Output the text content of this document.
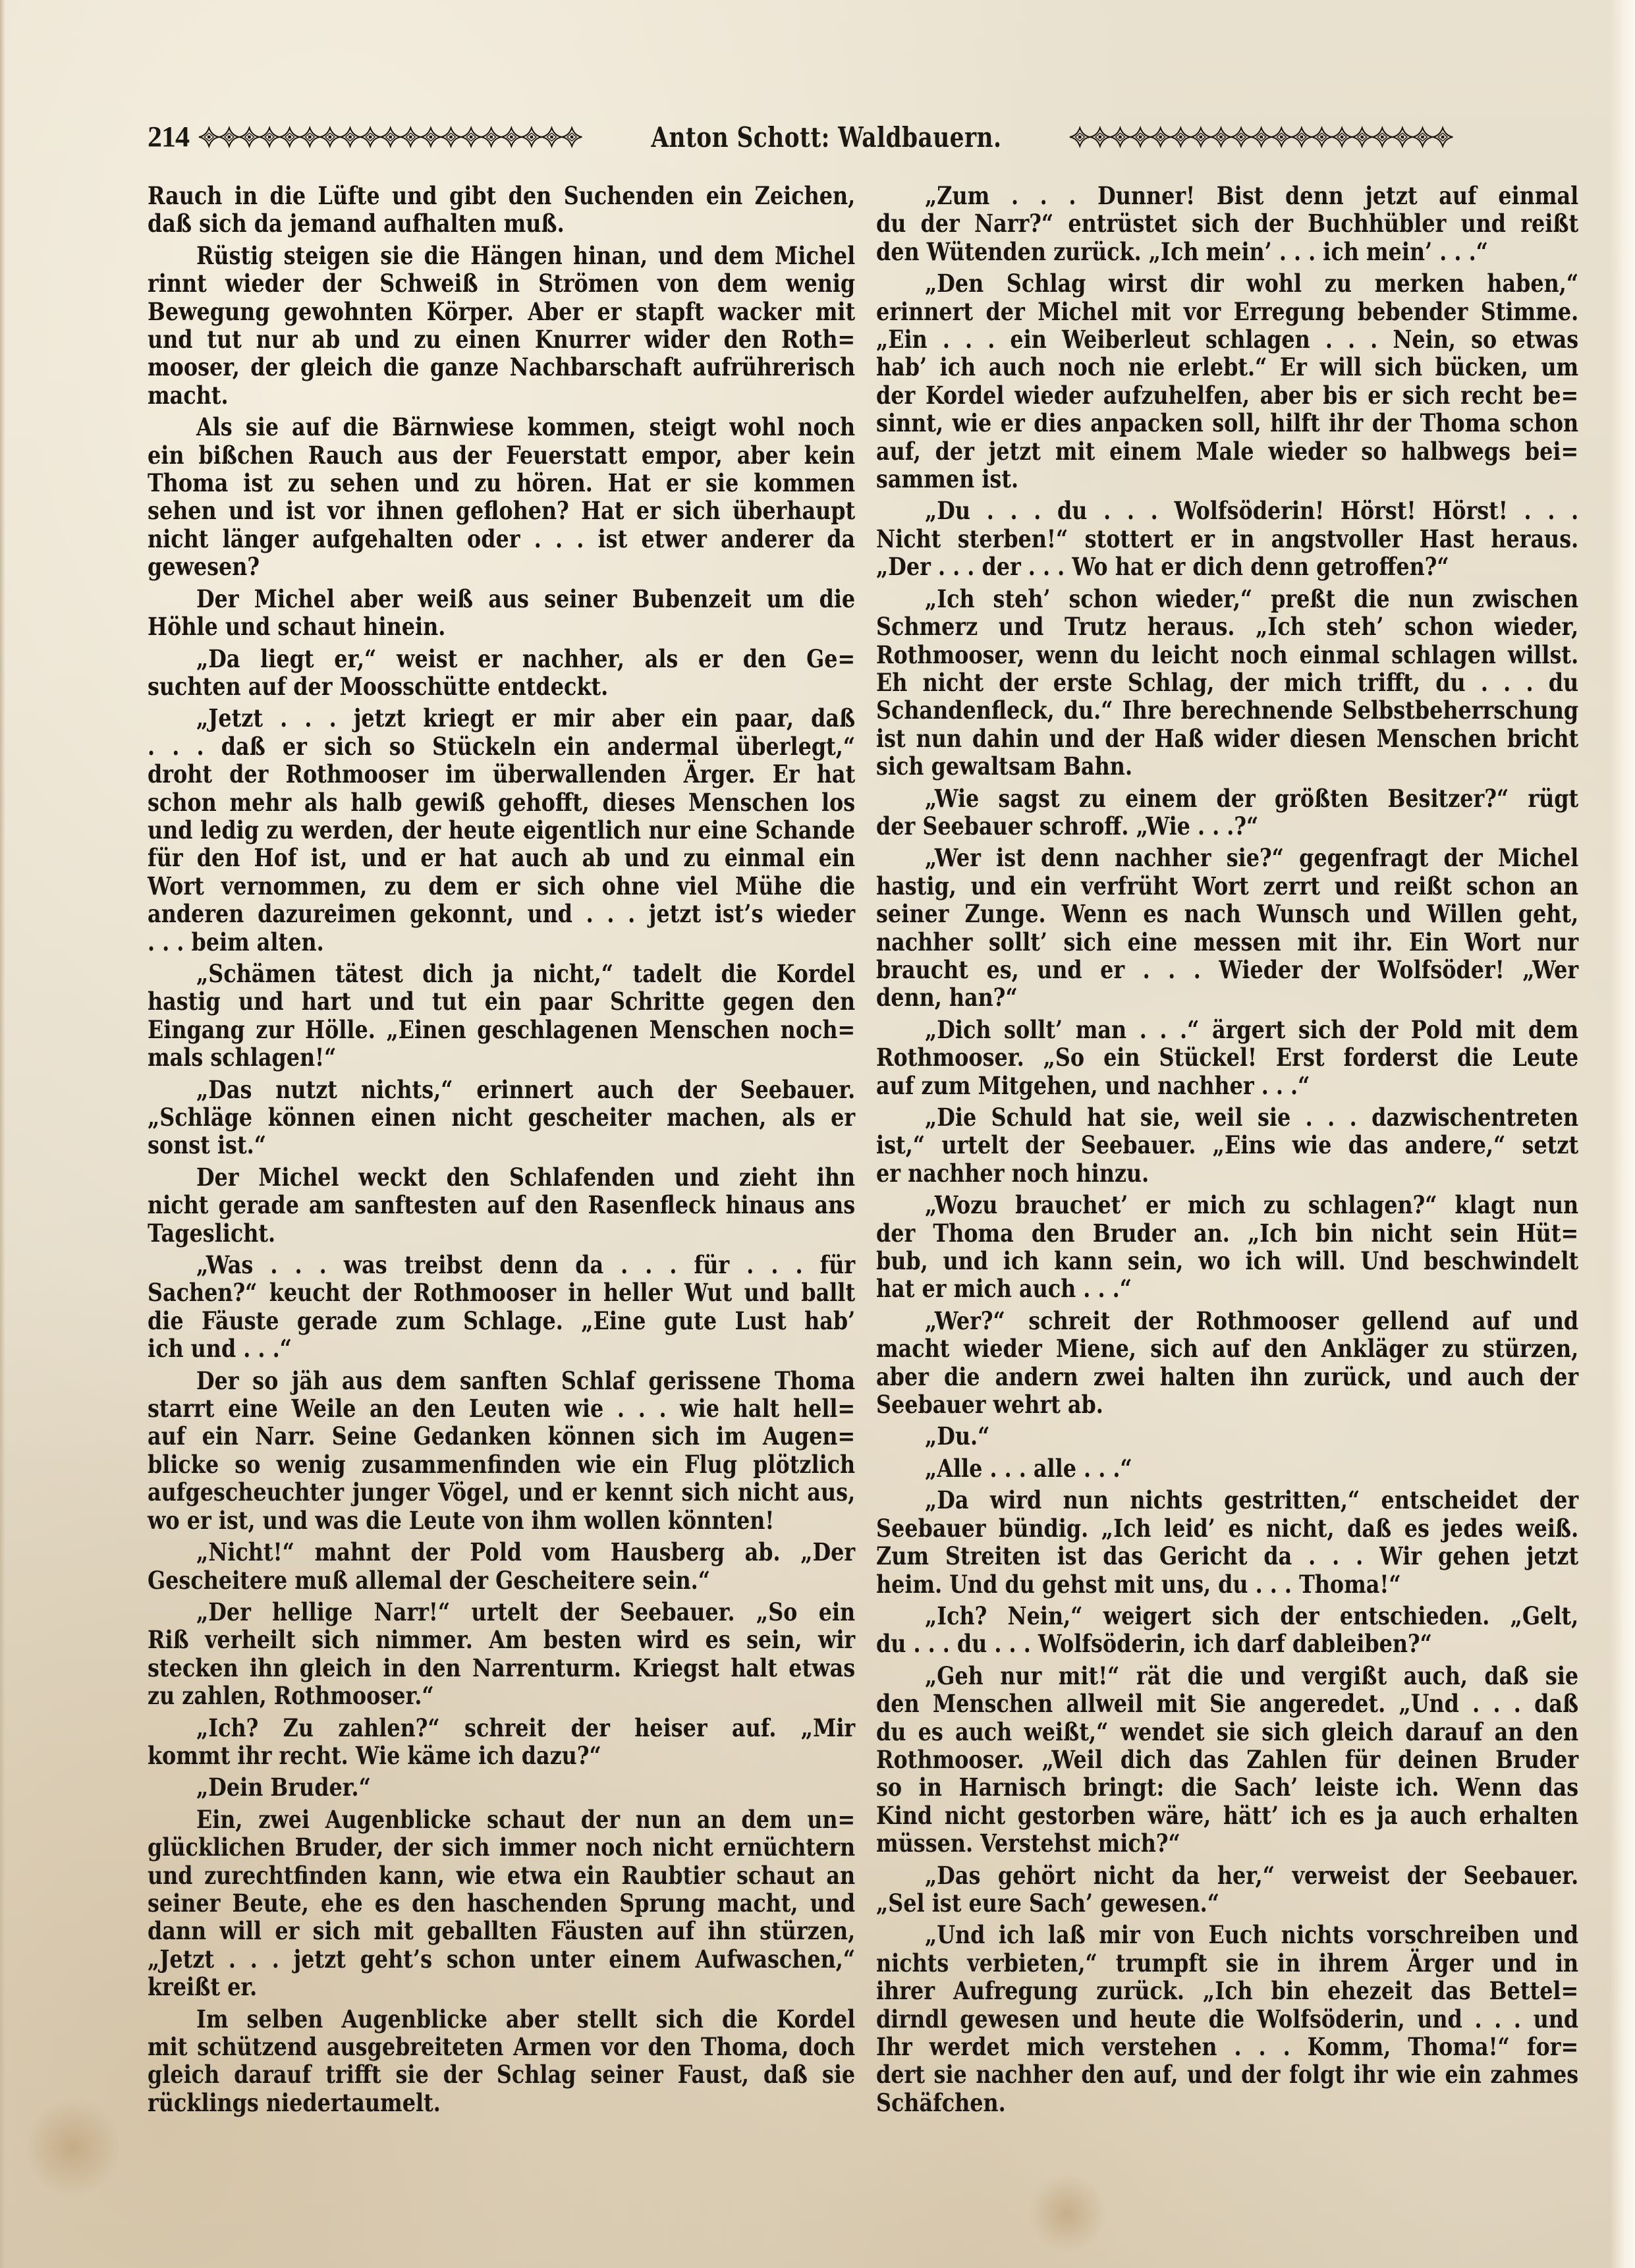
214	Anton Schott: Waldbauern.
Rauch in die Lüfte und gibt den Suchenden ein Zeichen,
daß sich da jemand aufhalten muß.
Rüstig steigen sie die Hängen hinan, und dem Michel
rinnt wieder der Schweiß in Strömen von dem wenig
Bewegung gewohnten Körper. Aber er stapft wacker mit
und tut nur ab und zu einen Knurrer wider den Roth=
mooser, der gleich die ganze Nachbarschaft aufrührerisch
macht.
Als sie auf die Bärnwiese kommen, steigt wohl noch
ein bißchen Rauch aus der Feuerstatt empor, aber kein
Thoma ist zu sehen und zu hören. Hat er sie kommen
sehen und ist vor ihnen geflohen? Hat er sich überhaupt
nicht länger aufgehalten oder . . . ist etwer anderer da
gewesen?
Der Michel aber weiß aus seiner Bubenzeit um die
Höhle und schaut hinein.
„Da liegt er,“ weist er nachher, als er den Ge=
suchten auf der Moosschütte entdeckt.
„Jetzt . . . jetzt kriegt er mir aber ein paar, daß
. . . daß er sich so Stückeln ein andermal überlegt,“
droht der Rothmooser im überwallenden Ärger. Er hat
schon mehr als halb gewiß gehofft, dieses Menschen los
und ledig zu werden, der heute eigentlich nur eine Schande
für den Hof ist, und er hat auch ab und zu einmal ein
Wort vernommen, zu dem er sich ohne viel Mühe die
anderen dazureimen gekonnt, und . . . jetzt ist’s wieder
. . . beim alten.
„Schämen tätest dich ja nicht,“ tadelt die Kordel
hastig und hart und tut ein paar Schritte gegen den
Eingang zur Hölle. „Einen geschlagenen Menschen noch=
mals schlagen!“
„Das nutzt nichts,“ erinnert auch der Seebauer.
„Schläge können einen nicht gescheiter machen, als er
sonst ist.“
Der Michel weckt den Schlafenden und zieht ihn
nicht gerade am sanftesten auf den Rasenfleck hinaus ans
Tageslicht.
„Was . . . was treibst denn da . . . für . . . für
Sachen?“ keucht der Rothmooser in heller Wut und ballt
die Fäuste gerade zum Schlage. „Eine gute Lust hab’
ich und . . .“
Der so jäh aus dem sanften Schlaf gerissene Thoma
starrt eine Weile an den Leuten wie . . . wie halt hell=
auf ein Narr. Seine Gedanken können sich im Augen=
blicke so wenig zusammenfinden wie ein Flug plötzlich
aufgescheuchter junger Vögel, und er kennt sich nicht aus,
wo er ist, und was die Leute von ihm wollen könnten!
„Nicht!“ mahnt der Pold vom Hausberg ab. „Der
Gescheitere muß allemal der Gescheitere sein.“
„Der hellige Narr!“ urtelt der Seebauer. „So ein
Riß verheilt sich nimmer. Am besten wird es sein, wir
stecken ihn gleich in den Narrenturm. Kriegst halt etwas
zu zahlen, Rothmooser.“
„Ich? Zu zahlen?“ schreit der heiser auf. „Mir
kommt ihr recht. Wie käme ich dazu?“
„Dein Bruder.“
Ein, zwei Augenblicke schaut der nun an dem un=
glücklichen Bruder, der sich immer noch nicht ernüchtern
und zurechtfinden kann, wie etwa ein Raubtier schaut an
seiner Beute, ehe es den haschenden Sprung macht, und
dann will er sich mit geballten Fäusten auf ihn stürzen,
„Jetzt . . . jetzt geht’s schon unter einem Aufwaschen,“
kreißt er.
Im selben Augenblicke aber stellt sich die Kordel
mit schützend ausgebreiteten Armen vor den Thoma, doch
gleich darauf trifft sie der Schlag seiner Faust, daß sie
rücklings niedertaumelt.
„Zum . . . Dunner! Bist denn jetzt auf einmal
du der Narr?“ entrüstet sich der Buchhübler und reißt
den Wütenden zurück. „Ich mein’ . . . ich mein’ . . .“
„Den Schlag wirst dir wohl zu merken haben,“
erinnert der Michel mit vor Erregung bebender Stimme.
„Ein . . . ein Weiberleut schlagen . . . Nein, so etwas
hab’ ich auch noch nie erlebt.“ Er will sich bücken, um
der Kordel wieder aufzuhelfen, aber bis er sich recht be=
sinnt, wie er dies anpacken soll, hilft ihr der Thoma schon
auf, der jetzt mit einem Male wieder so halbwegs bei=
sammen ist.
„Du . . . du . . . Wolfsöderin! Hörst! Hörst! . . .
Nicht sterben!“ stottert er in angstvoller Hast heraus.
„Der . . . der . . . Wo hat er dich denn getroffen?“
„Ich steh’ schon wieder,“ preßt die nun zwischen
Schmerz und Trutz heraus. „Ich steh’ schon wieder,
Rothmooser, wenn du leicht noch einmal schlagen willst.
Eh nicht der erste Schlag, der mich trifft, du . . . du
Schandenfleck, du.“ Ihre berechnende Selbstbeherrschung
ist nun dahin und der Haß wider diesen Menschen bricht
sich gewaltsam Bahn.
„Wie sagst zu einem der größten Besitzer?“ rügt
der Seebauer schroff. „Wie . . .?“
„Wer ist denn nachher sie?“ gegenfragt der Michel
hastig, und ein verfrüht Wort zerrt und reißt schon an
seiner Zunge. Wenn es nach Wunsch und Willen geht,
nachher sollt’ sich eine messen mit ihr. Ein Wort nur
braucht es, und er . . . Wieder der Wolfsöder! „Wer
denn, han?“
„Dich sollt’ man . . .“ ärgert sich der Pold mit dem
Rothmooser. „So ein Stückel! Erst forderst die Leute
auf zum Mitgehen, und nachher . . .“
„Die Schuld hat sie, weil sie . . . dazwischentreten
ist,“ urtelt der Seebauer. „Eins wie das andere,“ setzt
er nachher noch hinzu.
„Wozu brauchet’ er mich zu schlagen?“ klagt nun
der Thoma den Bruder an. „Ich bin nicht sein Hüt=
bub, und ich kann sein, wo ich will. Und beschwindelt
hat er mich auch . . .“
„Wer?“ schreit der Rothmooser gellend auf und
macht wieder Miene, sich auf den Ankläger zu stürzen,
aber die andern zwei halten ihn zurück, und auch der
Seebauer wehrt ab.
„Du.“
„Alle . . . alle . . .“
„Da wird nun nichts gestritten,“ entscheidet der
Seebauer bündig. „Ich leid’ es nicht, daß es jedes weiß.
Zum Streiten ist das Gericht da . . . Wir gehen jetzt
heim. Und du gehst mit uns, du . . . Thoma!“
„Ich? Nein,“ weigert sich der entschieden. „Gelt,
du . . . du . . . Wolfsöderin, ich darf dableiben?“
„Geh nur mit!“ rät die und vergißt auch, daß sie
den Menschen allweil mit Sie angeredet. „Und . . . daß
du es auch weißt,“ wendet sie sich gleich darauf an den
Rothmooser. „Weil dich das Zahlen für deinen Bruder
so in Harnisch bringt: die Sach’ leiste ich. Wenn das
Kind nicht gestorben wäre, hätt’ ich es ja auch erhalten
müssen. Verstehst mich?“
„Das gehört nicht da her,“ verweist der Seebauer.
„Sel ist eure Sach’ gewesen.“
„Und ich laß mir von Euch nichts vorschreiben und
nichts verbieten,“ trumpft sie in ihrem Ärger und in
ihrer Aufregung zurück. „Ich bin ehezeit das Bettel=
dirndl gewesen und heute die Wolfsöderin, und . . . und
Ihr werdet mich verstehen . . . Komm, Thoma!“ for=
dert sie nachher den auf, und der folgt ihr wie ein zahmes
Schäfchen.
